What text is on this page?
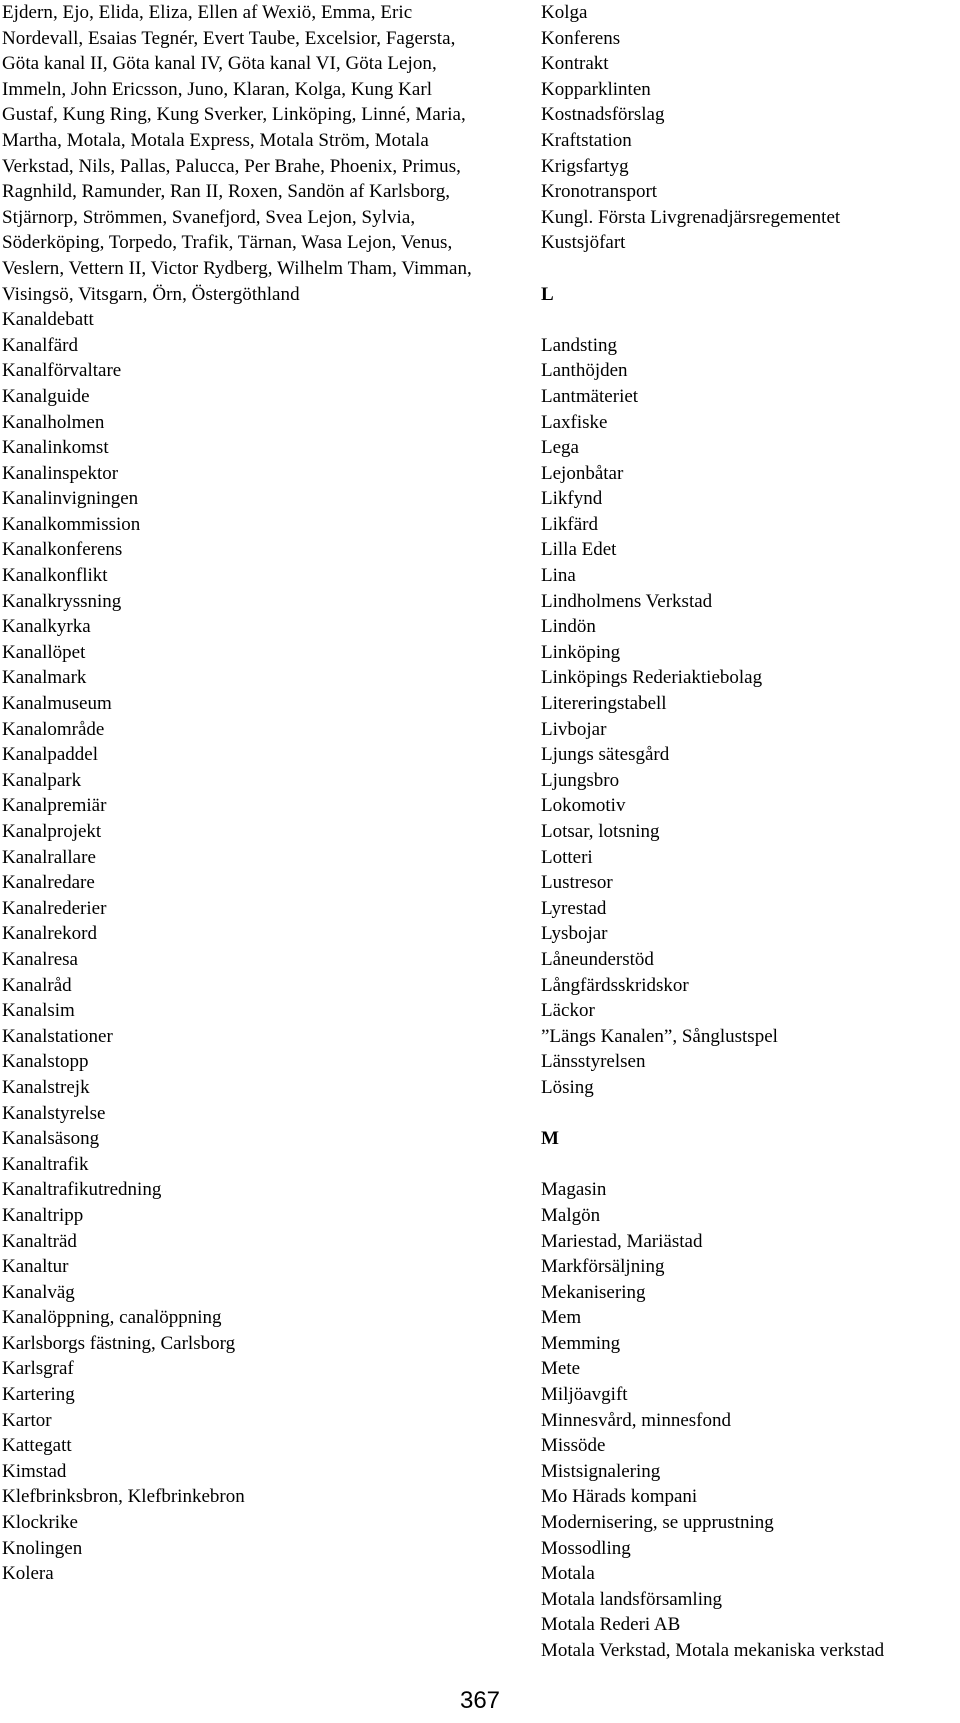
Ejdern, Ejo, Elida, Eliza, Ellen af Wexiö, Emma, Eric Nordevall, Esaias Tegnér, Evert Taube, Excelsior, Fagersta, Göta kanal II, Göta kanal IV, Göta kanal VI, Göta Lejon, Immeln, John Ericsson, Juno, Klaran, Kolga, Kung Karl Gustaf, Kung Ring, Kung Sverker, Linköping, Linné, Maria, Martha, Motala, Motala Express, Motala Ström, Motala Verkstad, Nils, Pallas, Palucca, Per Brahe, Phoenix, Primus, Ragnhild, Ramunder, Ran II, Roxen, Sandön af Karlsborg, Stjärnorp, Strömmen, Svanefjord, Svea Lejon, Sylvia, Söderköping, Torpedo, Trafik, Tärnan, Wasa Lejon, Venus, Veslern, Vettern II, Victor Rydberg, Wilhelm Tham, Vimman, Visingsö, Vitsgarn, Örn, Östergöthland

Kanaldebatt
Kanalfärd
Kanalförvaltare
Kanalguide
Kanalholmen
Kanalinkomst
Kanalinspektor
Kanalinvigningen
Kanalkommission
Kanalkonferens
Kanalkonflikt
Kanalkryssning
Kanalkyrka
Kanallöpet
Kanalmark
Kanalmuseum
Kanalområde
Kanalpaddel
Kanalpark
Kanalpremiär
Kanalprojekt
Kanalrallare
Kanalredare
Kanalrederier
Kanalrekord
Kanalresa
Kanalråd
Kanalsim
Kanalstationer
Kanalstopp
Kanalstrejk
Kanalstyrelse
Kanalsäsong
Kanaltrafik
Kanaltrafikutredning
Kanaltripp
Kanalträd
Kanaltur
Kanalväg
Kanalöppning, canalöppning
Karlsborgs fästning, Carlsborg
Karlsgraf
Kartering
Kartor
Kattegatt
Kimstad
Klefbrinksbron, Klefbrinkebron
Klockrike
Knolingen
Kolera
Kolga
Konferens
Kontrakt
Kopparklinten
Kostnadsförslag
Kraftstation
Krigsfartyg
Kronotransport
Kungl. Första Livgrenadjärsregementet
Kustsjöfart
L
Landsting
Lanthöjden
Lantmäteriet
Laxfiske
Lega
Lejonbåtar
Likfynd
Likfärd
Lilla Edet
Lina
Lindholmens Verkstad
Lindön
Linköping
Linköpings Rederiaktiebolag
Litereringstabell
Livbojar
Ljungs sätesgård
Ljungsbro
Lokomotiv
Lotsar, lotsning
Lotteri
Lustresor
Lyrestad
Lysbojar
Låneunderstöd
Långfärdsskridskor
Läckor
”Längs Kanalen”, Sånglustspel
Länsstyrelsen
Lösing
M
Magasin
Malgön
Mariestad, Mariästad
Markförsäljning
Mekanisering
Mem
Memming
Mete
Miljöavgift
Minnesvård, minnesfond
Missöde
Mistsignalering
Mo Härads kompani
Modernisering, se upprustning
Mossodling
Motala
Motala landsförsamling
Motala Rederi AB
Motala Verkstad, Motala mekaniska verkstad
367
